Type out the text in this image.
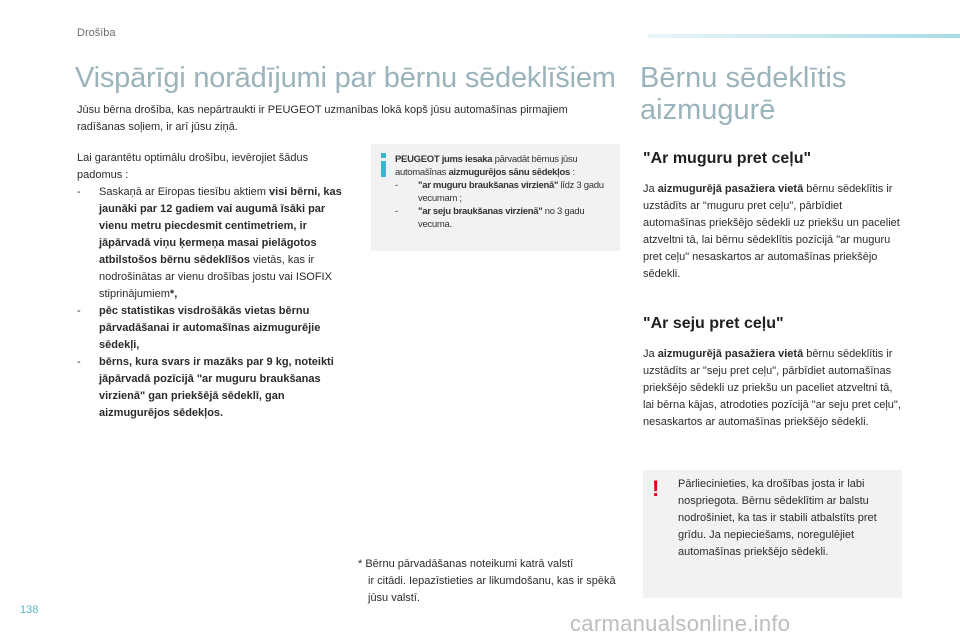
Drošība
Vispārīgi norādījumi par bērnu sēdeklīšiem
Jūsu bērna drošība, kas nepārtraukti ir PEUGEOT uzmanības lokā kopš jūsu automašīnas pirmajiem radīšanas soļiem, ir arī jūsu ziņā.
Lai garantētu optimālu drošību, ievērojiet šādus padomus :
- Saskaņā ar Eiropas tiesību aktiem visi bērni, kas jaunāki par 12 gadiem vai augumā īsāki par vienu metru piecdesmit centimetriem, ir jāpārvadā viņu ķermeņa masai pielāgotos atbilstošos bērnu sēdeklīšos vietās, kas ir nodrošinātas ar vienu drošības jostu vai ISOFIX stiprinājumiem*,
- pēc statistikas visdrošākās vietas bērnu pārvadāšanai ir automašīnas aizmugurējie sēdekļi,
- bērns, kura svars ir mazāks par 9 kg, noteikti jāpārvadā pozīcijā "ar muguru braukšanas virzienā" gan priekšējā sēdeklī, gan aizmugurējos sēdekļos.
PEUGEOT jums iesaka pārvadāt bērnus jūsu automašīnas aizmugurējos sānu sēdekļos :
- "ar muguru braukšanas virzienā" līdz 3 gadu vecumam ;
- "ar seju braukšanas virzienā" no 3 gadu vecuma.
* Bērnu pārvadāšanas noteikumi katrā valstī
ir citādi. Iepazīstieties ar likumdošanu, kas ir spēkā jūsu valstī.
Bērnu sēdeklītis aizmugurē
"Ar muguru pret ceļu"
Ja aizmugurējā pasažiera vietā bērnu sēdeklītis ir uzstādīts ar "muguru pret ceļu", pārbīdiet automašīnas priekšējo sēdekli uz priekšu un paceliet atzveltni tā, lai bērnu sēdeklītis pozīcijā "ar muguru pret ceļu" nesaskartos ar automašīnas priekšējo sēdekli.
"Ar seju pret ceļu"
Ja aizmugurējā pasažiera vietā bērnu sēdeklītis ir uzstādīts ar "seju pret ceļu", pārbīdiet automašīnas priekšējo sēdekli uz priekšu un paceliet atzveltni tā, lai bērna kājas, atrodoties pozīcijā "ar seju pret ceļu", nesaskartos ar automašīnas priekšējo sēdekli.
! Pārliecinieties, ka drošības josta ir labi nospriegota. Bērnu sēdeklītim ar balstu nodrošiniet, ka tas ir stabili atbalstīts pret grīdu. Ja nepieciešams, noregulējiet automašīnas priekšējo sēdekli.
138
carmanualsonline.info
